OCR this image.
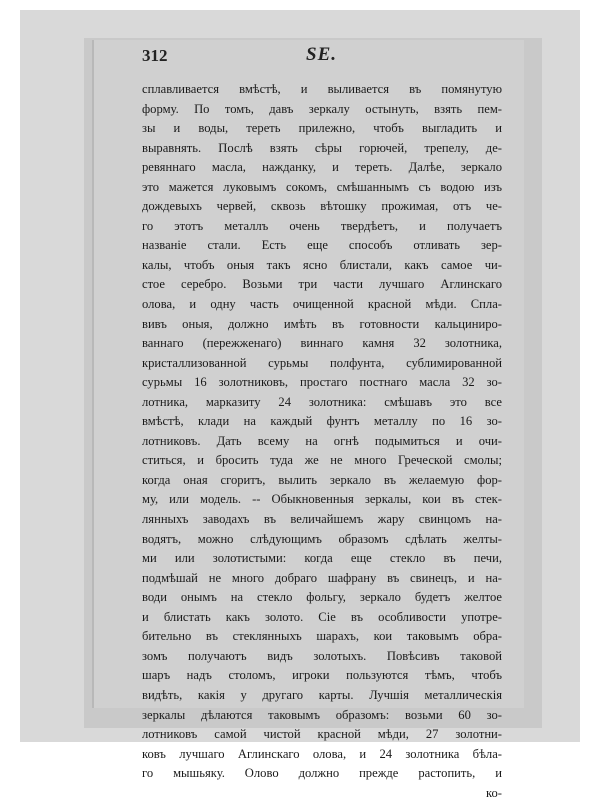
312	SE.
сплавливается вмѣстѣ, и выливается въ помянутую
форму. По томъ, давъ зеркалу остынуть, взять пем-
зы и воды, тереть прилежно, чтобъ выгладить и
выравнять. Послѣ взять сѣры горючей, трепелу, де-
ревяннаго масла, нажданку, и тереть. Далѣе, зеркало
это мажется луковымъ сокомъ, смѣшаннымъ съ водою изъ
дождевыхъ червей, сквозь вѣтошку прожимая, отъ че-
го этотъ металлъ очень твердѣетъ, и получаетъ
названіе стали. Есть еще способъ отливать зер-
калы, чтобъ оныя такъ ясно блистали, какъ самое чи-
стое серебро. Возьми три части лучшаго Аглинскаго
олова, и одну часть очищенной красной мѣди. Спла-
вивъ оныя, должно имѣть въ готовности кальцинирo-
ваннаго (пережженаго) виннаго камня 32 золотника,
кристаллизованной сурьмы полфунта, сублимированной
сурьмы 16 золотниковъ, простаго постнаго масла 32 зо-
лотника, марказиту 24 золотника: смѣшавъ это все
вмѣстѣ, клади на каждый фунтъ металлу по 16 зо-
лотниковъ. Дать всему на огнѣ подымиться и очи-
ститься, и бросить туда же не много Греческой смолы;
когда оная сгоритъ, вылить зеркало въ желаемую фор-
му, или модель. -- Обыкновенныя зеркалы, кои въ стек-
лянныхъ заводахъ въ величайшемъ жару свинцомъ на-
водятъ, можно слѣдующимъ образомъ сдѣлать желты-
ми или золотистыми: когда еще стекло въ печи,
подмѣшай не много добраго шафрану въ свинецъ, и на-
води онымъ на стекло фольгу, зеркало будетъ желтое
и блистать какъ золото. Сіе въ особливости употре-
бительно въ стеклянныхъ шарахъ, кои таковымъ обра-
зомъ получаютъ видъ золотыхъ. Повѣсивъ таковой
шаръ надъ столомъ, игроки пользуются тѣмъ, чтобъ
видѣть, какія у другаго карты. Лучшія металлическія
зеркалы дѣлаются таковымъ образомъ: возьми 60 зо-
лотниковъ самой чистой красной мѣди, 27 золотни-
ковъ лучшаго Аглинскаго олова, и 24 золотника бѣла-
го мышьяку. Олово должно прежде растопить, и
ко-
